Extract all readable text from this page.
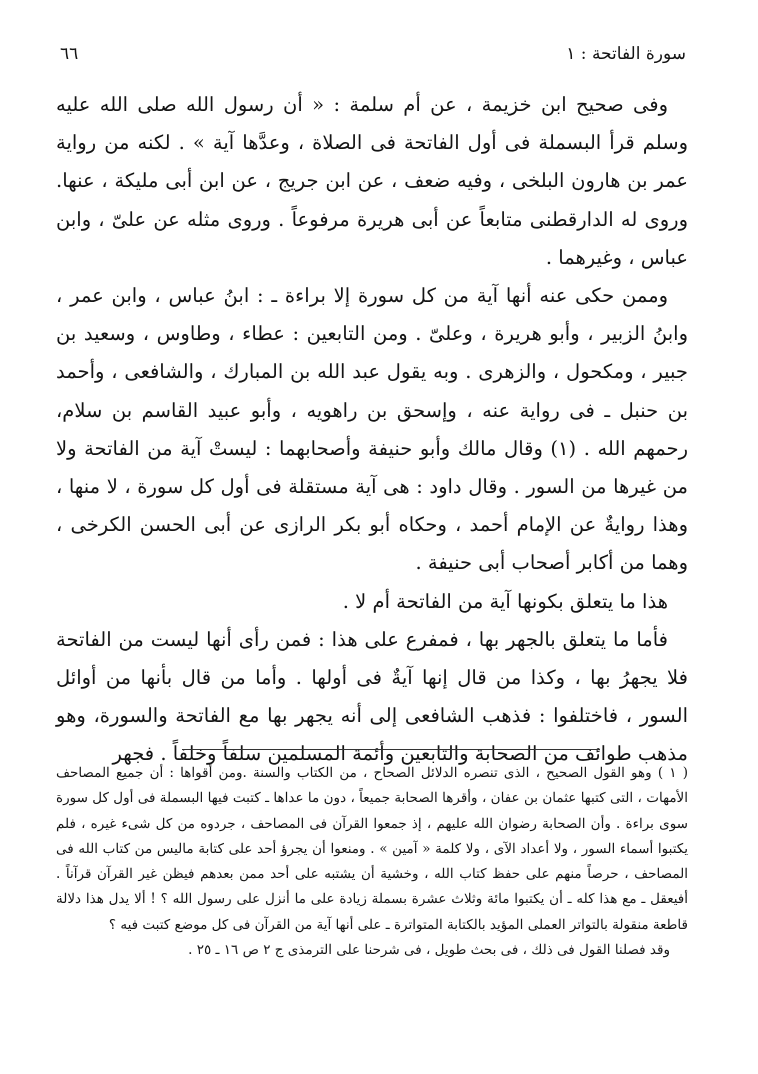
٦٦	سورة الفاتحة : ١

وفى صحيح ابن خزيمة ، عن أم سلمة : « أن رسول الله صلى الله عليه وسلم قرأ البسملة فى أول الفاتحة فى الصلاة ، وعدَّها آية » . لكنه من رواية عمر بن هارون البلخى ، وفيه ضعف ، عن ابن جريج ، عن ابن أبى مليكة ، عنها. وروى له الدارقطنى متابعاً عن أبى هريرة مرفوعاً . وروى مثله عن علىّ ، وابن عباس ، وغيرهما .

وممن حكى عنه أنها آية من كل سورة إلا براءة ـ : ابنُ عباس ، وابن عمر ، وابنُ الزبير ، وأبو هريرة ، وعلىّ . ومن التابعين : عطاء ، وطاوس ، وسعيد بن جبير ، ومكحول ، والزهرى . وبه يقول عبد الله بن المبارك ، والشافعى ، وأحمد بن حنبل ـ فى رواية عنه ، وإسحق بن راهويه ، وأبو عبيد القاسم بن سلام، رحمهم الله . (١) وقال مالك وأبو حنيفة وأصحابهما : ليستْ آية من الفاتحة ولا من غيرها من السور . وقال داود : هى آية مستقلة فى أول كل سورة ، لا منها ، وهذا روايةٌ عن الإمام أحمد ، وحكاه أبو بكر الرازى عن أبى الحسن الكرخى ، وهما من أكابر أصحاب أبى حنيفة .

هذا ما يتعلق بكونها آية من الفاتحة أم لا .

فأما ما يتعلق بالجهر بها ، فمفرع على هذا : فمن رأى أنها ليست من الفاتحة فلا يجهرُ بها ، وكذا من قال إنها آيةٌ فى أولها . وأما من قال بأنها من أوائل السور ، فاختلفوا : فذهب الشافعى إلى أنه يجهر بها مع الفاتحة والسورة، وهو مذهب طوائف من الصحابة والتابعين وأئمة المسلمين سلفاً وخلفاً . فجهر

( ١ ) وهو القول الصحيح ، الذى تنصره الدلائل الصحاح ، من الكتاب والسنة .ومن أقواها : أن جميع المصاحف الأمهات ، التى كتبها عثمان بن عفان ، وأقرها الصحابة جميعاً ، دون ما عداها ـ كتبت فيها البسملة فى أول كل سورة سوى براءة . وأن الصحابة رضوان الله عليهم ، إذ جمعوا القرآن فى المصاحف ، جردوه من كل شىء غيره ، فلم يكتبوا أسماء السور ، ولا أعداد الآى ، ولا كلمة « آمين » . ومنعوا أن يجرؤ أحد على كتابة ماليس من كتاب الله فى المصاحف ، حرصاً منهم على حفظ كتاب الله ، وخشية أن يشتبه على أحد ممن بعدهم فيظن غير القرآن قرآناً . أفيعقل ـ مع هذا كله ـ أن يكتبوا مائة وثلاث عشرة بسملة زيادة على ما أنزل على رسول الله ؟ ! ألا يدل هذا دلالة قاطعة منقولة بالتواتر العملى المؤيد بالكتابة المتواترة ـ على أنها آية من القرآن فى كل موضع كتبت فيه ؟

وقد فصلنا القول فى ذلك ، فى بحث طويل ، فى شرحنا على الترمذى ج ٢ ص ١٦ ـ ٢٥ .
